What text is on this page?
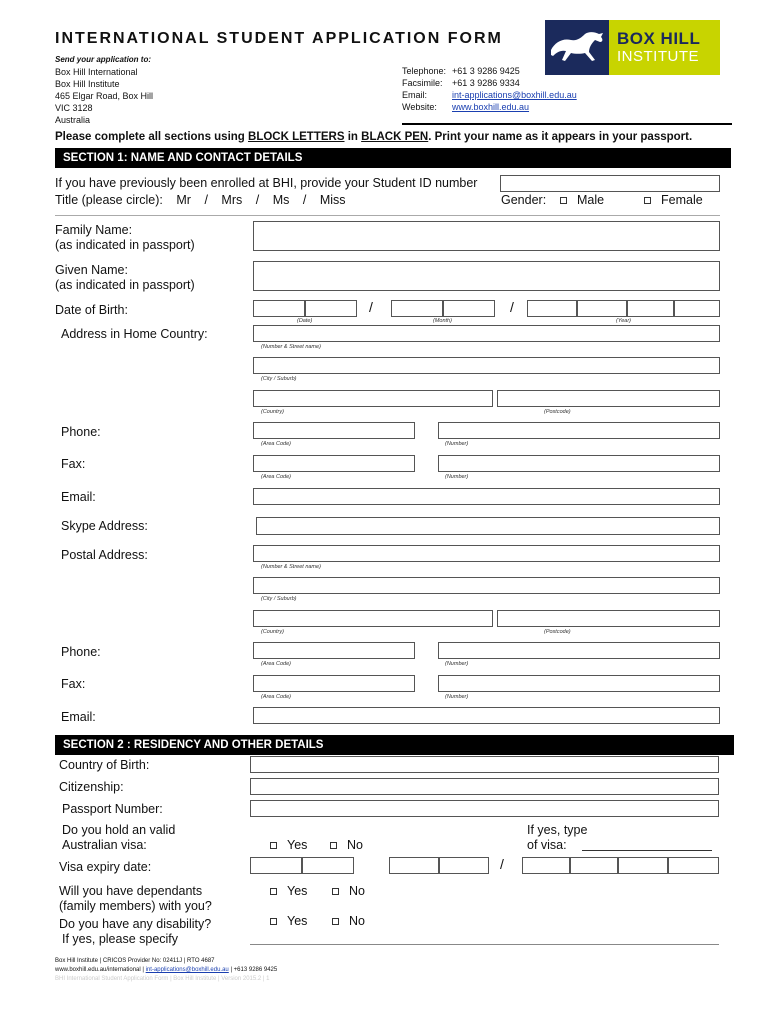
INTERNATIONAL STUDENT APPLICATION FORM	BOX HILL
INSTITUTE
Send your application to:
Box Hill International
Box Hill Institute
465 Elgar Road, Box Hill
VIC 3128
Australia
Telephone: +61 3 9286 9425
Facsimile: +61 3 9286 9334
Email:	int-applications@boxhill.edu.au
Website: www.boxhill.edu.au
Please complete all sections using BLOCK LETTERS in BLACK PEN. Print your name as it appears in your passport.
SECTION 1: NAME AND CONTACT DETAILS
If you have previously been enrolled at BHI, provide your Student ID number
Title (please circle): Mr / Mrs / Ms / Miss	Gender:	Male	Female
Family Name:
(as indicated in passport)
Given Name:
(as indicated in passport)
Date of Birth:	/	/
(Date)	(Month)	(Year)
Address in Home Country:
(Number & Street name)
(City / Suburb)
(Country)	(Postcode)
Phone:
(Area Code)	(Number)
Fax:
(Area Code)	(Number)
Email:
Skype Address:
Postal Address:
(Number & Street name)
(City / Suburb)
(Country)	(Postcode)
Phone:
(Area Code)	(Number)
Fax:
(Area Code)	(Number)
Email:
SECTION 2 : RESIDENCY AND OTHER DETAILS
Country of Birth:
Citizenship:
Passport Number:
Do you hold an valid
Australian visa:	Yes	No
If yes, type
of visa:
Visa expiry date:	/
Will you have dependants
(family members) with you?
Yes	No
Do you have any disability?
If yes, please specify
Yes	No
Box Hill Institute | CRICOS Provider No: 02411J | RTO 4687
www.boxhill.edu.au/international | int-applications@boxhill.edu.au | +613 9286 9425
BHI International Student Application Form | Box Hill Institute | Version 2015.2 | 1
